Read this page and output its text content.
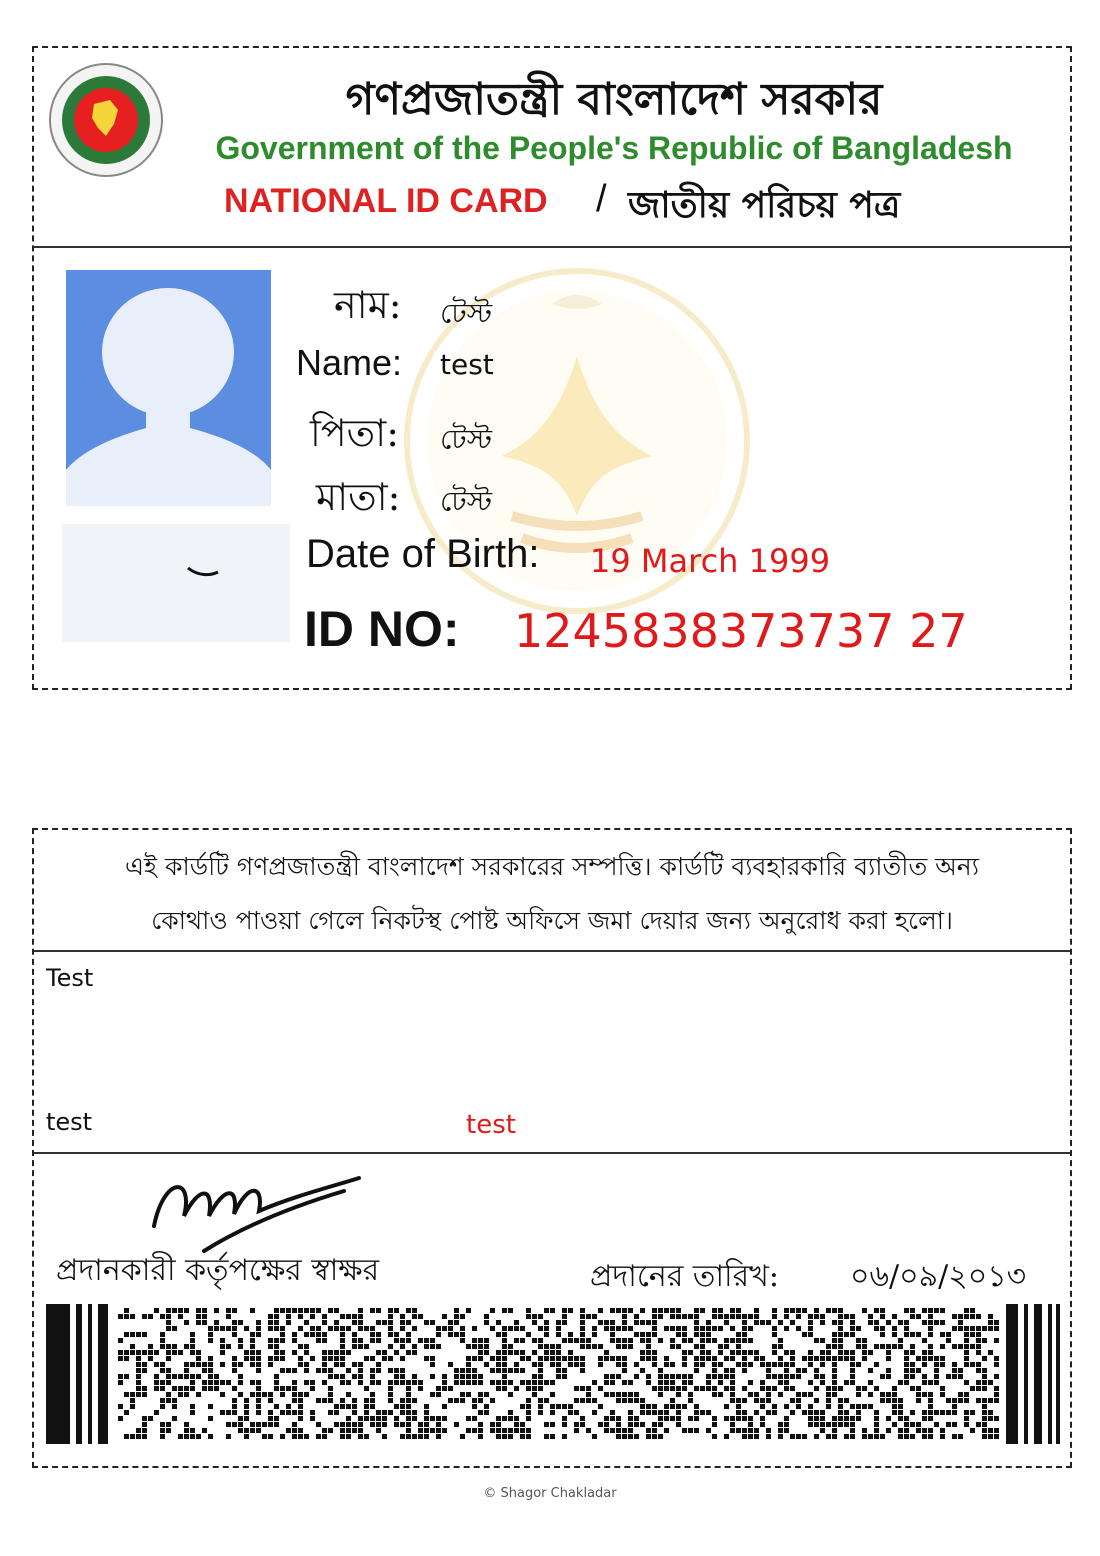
গণপ্রজাতন্ত্রী বাংলাদেশ সরকার
Government of the People's Republic of Bangladesh
NATIONAL ID CARD / জাতীয় পরিচয় পত্র
নাম: টেস্ট
Name: test
পিতা: টেস্ট
মাতা: টেস্ট
Date of Birth: 19 March 1999
ID NO: 1245838373737 27
এই কার্ডটি গণপ্রজাতন্ত্রী বাংলাদেশ সরকারের সম্পত্তি। কার্ডটি ব্যবহারকারি ব্যাতীত অন্য
কোথাও পাওয়া গেলে নিকটস্থ পোষ্ট অফিসে জমা দেয়ার জন্য অনুরোধ করা হলো।
Test
test	test
প্রদানকারী কর্তৃপক্ষের স্বাক্ষর	প্রদানের তারিখ: ০৬/০৯/২০১৩
© Shagor Chakladar
